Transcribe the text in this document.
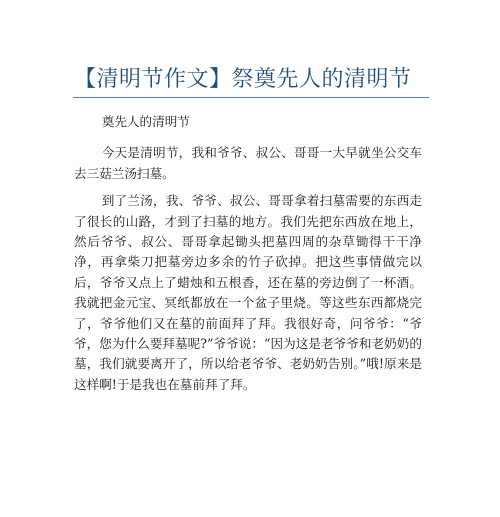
【清明节作文】祭奠先人的清明节

奠先人的清明节

今天是清明节，我和爷爷、叔公、哥哥一大早就坐公交车去三菇兰汤扫墓。

到了兰汤，我、爷爷、叔公、哥哥拿着扫墓需要的东西走了很长的山路，才到了扫墓的地方。我们先把东西放在地上，然后爷爷、叔公、哥哥拿起锄头把墓四周的杂草锄得干干净净，再拿柴刀把墓旁边多余的竹子砍掉。把这些事情做完以后，爷爷又点上了蜡烛和五根香，还在墓的旁边倒了一杯酒。我就把金元宝、冥纸都放在一个盆子里烧。等这些东西都烧完了，爷爷他们又在墓的前面拜了拜。我很好奇，问爷爷：“爷爷，您为什么要拜墓呢?”爷爷说：“因为这是老爷爷和老奶奶的墓，我们就要离开了，所以给老爷爷、老奶奶告别。”哦!原来是这样啊!于是我也在墓前拜了拜。
